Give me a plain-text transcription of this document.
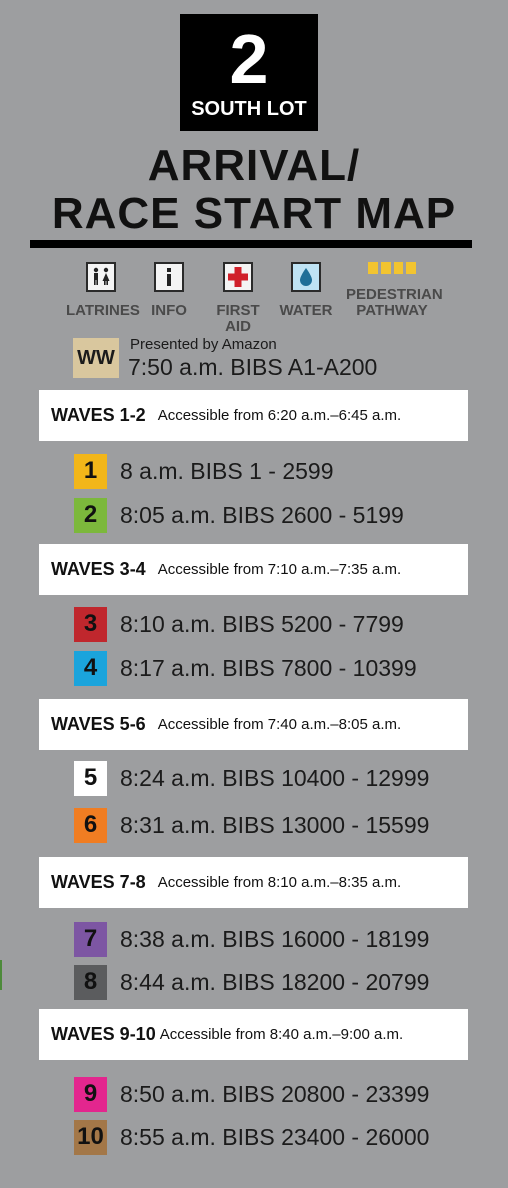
2
SOUTH LOT
ARRIVAL/
RACE START MAP
LATRINES INFO	FIRST AID
WATER
PEDESTRIAN
PATHWAY
WW
Presented by Amazon
7:50 a.m. BIBS A1-A200
WAVES 1-2 Accessible from 6:20 a.m.–6:45 a.m.
1 8 a.m. BIBS 1 - 2599
2 8:05 a.m. BIBS 2600 - 5199
WAVES 3-4 Accessible from 7:10 a.m.–7:35 a.m.
3 8:10 a.m. BIBS 5200 - 7799
4 8:17 a.m. BIBS 7800 - 10399
WAVES 5-6 Accessible from 7:40 a.m.–8:05 a.m.
5 8:24 a.m. BIBS 10400 - 12999
6 8:31 a.m. BIBS 13000 - 15599
WAVES 7-8 Accessible from 8:10 a.m.–8:35 a.m.
7 8:38 a.m. BIBS 16000 - 18199
8 8:44 a.m. BIBS 18200 - 20799
WAVES 9-10 Accessible from 8:40 a.m.–9:00 a.m.
9 8:50 a.m. BIBS 20800 - 23399
10 8:55 a.m. BIBS 23400 - 26000
